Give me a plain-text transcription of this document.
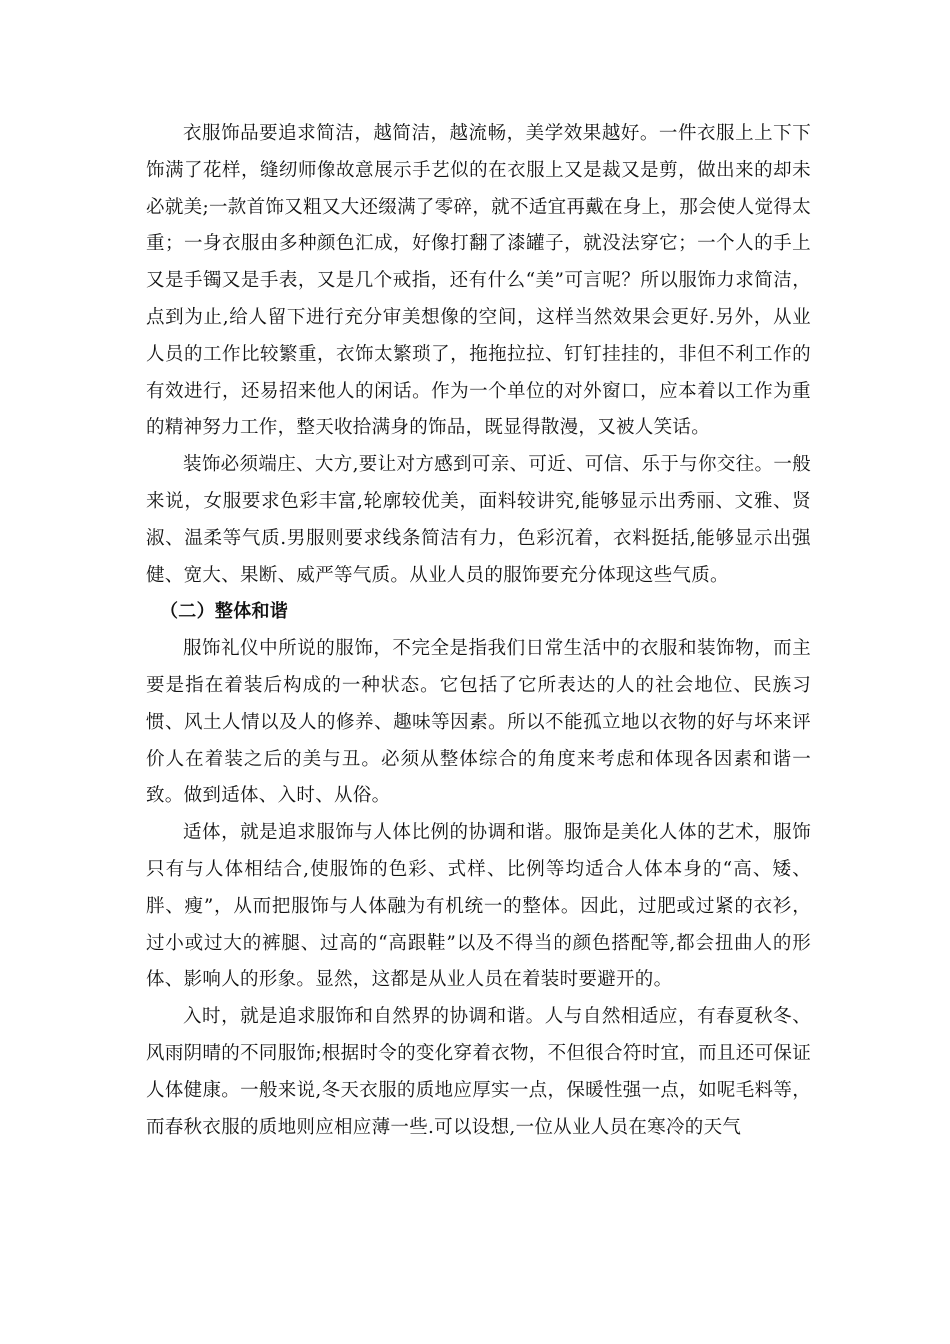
衣服饰品要追求简洁，越简洁，越流畅，美学效果越好。一件衣服上上下下饰满了花样，缝纫师像故意展示手艺似的在衣服上又是裁又是剪，做出来的却未必就美;一款首饰又粗又大还缀满了零碎，就不适宜再戴在身上，那会使人觉得太重；一身衣服由多种颜色汇成，好像打翻了漆罐子，就没法穿它；一个人的手上又是手镯又是手表，又是几个戒指，还有什么“美”可言呢？所以服饰力求简洁，点到为止,给人留下进行充分审美想像的空间，这样当然效果会更好.另外，从业人员的工作比较繁重，衣饰太繁琐了，拖拖拉拉、钉钉挂挂的，非但不利工作的有效进行，还易招来他人的闲话。作为一个单位的对外窗口，应本着以工作为重的精神努力工作，整天收拾满身的饰品，既显得散漫，又被人笑话。

装饰必须端庄、大方,要让对方感到可亲、可近、可信、乐于与你交往。一般来说，女服要求色彩丰富,轮廓较优美，面料较讲究,能够显示出秀丽、文雅、贤淑、温柔等气质.男服则要求线条简洁有力，色彩沉着，衣料挺括,能够显示出强健、宽大、果断、威严等气质。从业人员的服饰要充分体现这些气质。

（二）整体和谐

服饰礼仪中所说的服饰，不完全是指我们日常生活中的衣服和装饰物，而主要是指在着装后构成的一种状态。它包括了它所表达的人的社会地位、民族习惯、风土人情以及人的修养、趣味等因素。所以不能孤立地以衣物的好与坏来评价人在着装之后的美与丑。必须从整体综合的角度来考虑和体现各因素和谐一致。做到适体、入时、从俗。

适体，就是追求服饰与人体比例的协调和谐。服饰是美化人体的艺术，服饰只有与人体相结合,使服饰的色彩、式样、比例等均适合人体本身的“高、矮、胖、瘦”，从而把服饰与人体融为有机统一的整体。因此，过肥或过紧的衣衫，过小或过大的裤腿、过高的“高跟鞋”以及不得当的颜色搭配等,都会扭曲人的形体、影响人的形象。显然，这都是从业人员在着装时要避开的。

入时，就是追求服饰和自然界的协调和谐。人与自然相适应，有春夏秋冬、风雨阴晴的不同服饰;根据时令的变化穿着衣物，不但很合符时宜，而且还可保证人体健康。一般来说,冬天衣服的质地应厚实一点，保暖性强一点，如呢毛料等，而春秋衣服的质地则应相应薄一些.可以设想,一位从业人员在寒冷的天气
